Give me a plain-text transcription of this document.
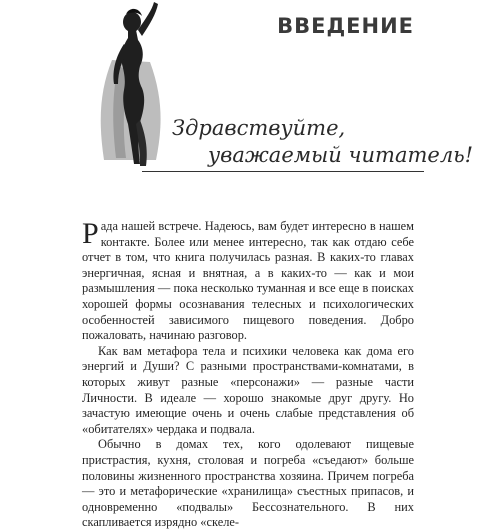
ВВЕДЕНИЕ

Здравствуйте,

уважаемый читатель!

Рада нашей встрече. Надеюсь, вам будет интересно в нашем контакте. Более или менее интересно, так как отдаю себе отчет в том, что книга получилась разная. В каких-то главах энергичная, ясная и внятная, а в каких-то — как и мои размышления — пока несколько туманная и все еще в поисках хорошей формы осознавания телесных и психологических особенностей зависимого пищевого поведения. Добро пожаловать, начинаю разговор.

Как вам метафора тела и психики человека как дома его энергий и Души? С разными пространствами-комнатами, в которых живут разные «персонажи» — разные части Личности. В идеале — хорошо знакомые друг другу. Но зачастую имеющие очень и очень слабые представления об «обитателях» чердака и подвала.

Обычно в домах тех, кого одолевают пищевые пристрастия, кухня, столовая и погреба «съедают» больше половины жизненного пространства хозяина. Причем погреба — это и метафорические «хранилища» съестных припасов, и одновременно «подвалы» Бессознательного. В них скапливается изрядно «скеле-
